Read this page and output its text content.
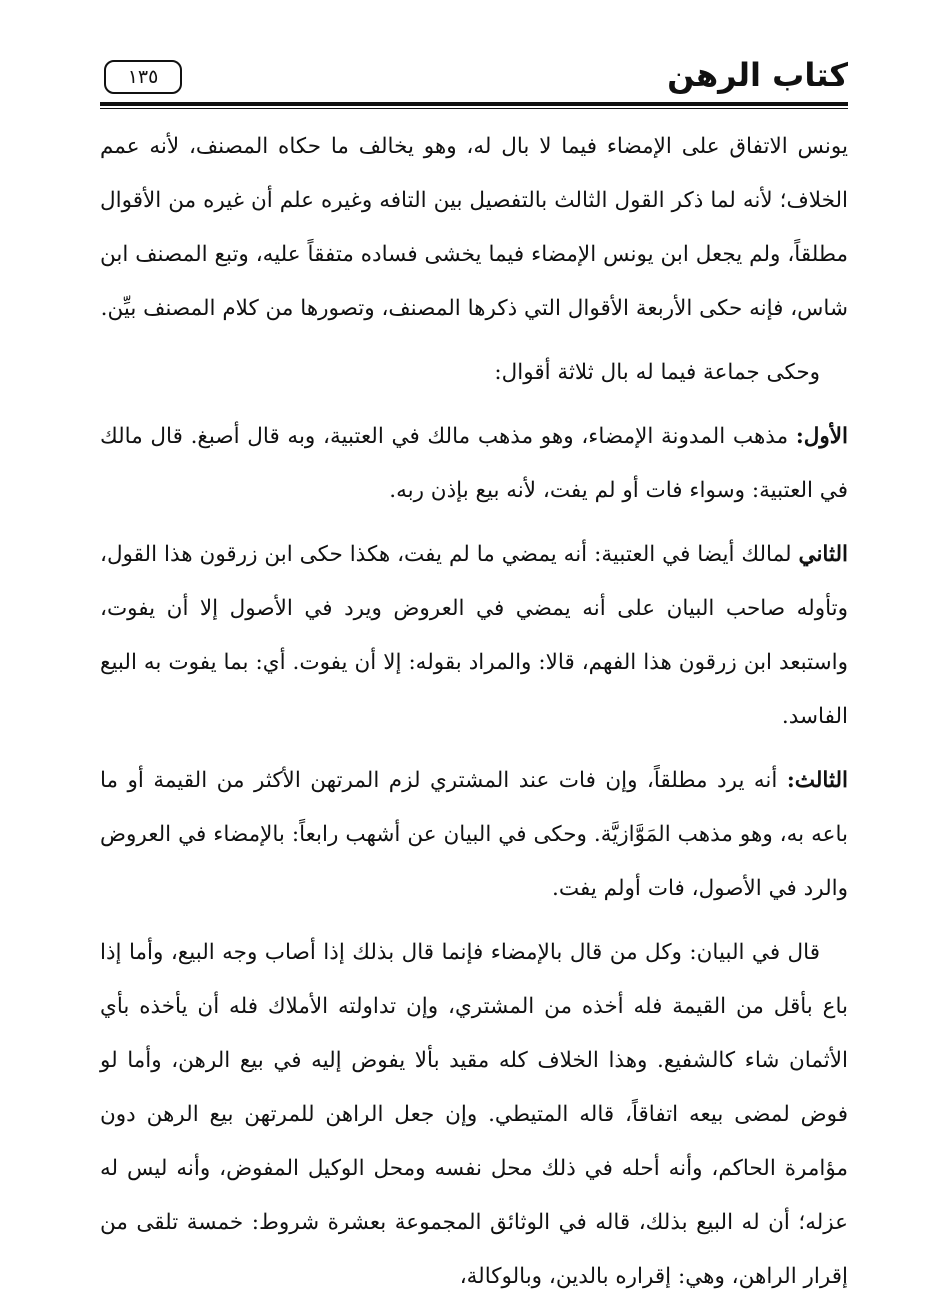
كتاب الرهن
١٣٥

يونس الاتفاق على الإمضاء فيما لا بال له، وهو يخالف ما حكاه المصنف، لأنه عمم الخلاف؛ لأنه لما ذكر القول الثالث بالتفصيل بين التافه وغيره علم أن غيره من الأقوال مطلقاً، ولم يجعل ابن يونس الإمضاء فيما يخشى فساده متفقاً عليه، وتبع المصنف ابن شاس، فإنه حكى الأربعة الأقوال التي ذكرها المصنف، وتصورها من كلام المصنف بيِّن.

وحكى جماعة فيما له بال ثلاثة أقوال:

الأول: مذهب المدونة الإمضاء، وهو مذهب مالك في العتبية، وبه قال أصبغ. قال مالك في العتبية: وسواء فات أو لم يفت، لأنه بيع بإذن ربه.

الثاني لمالك أيضا في العتبية: أنه يمضي ما لم يفت، هكذا حكى ابن زرقون هذا القول، وتأوله صاحب البيان على أنه يمضي في العروض ويرد في الأصول إلا أن يفوت، واستبعد ابن زرقون هذا الفهم، قالا: والمراد بقوله: إلا أن يفوت. أي: بما يفوت به البيع الفاسد.

الثالث: أنه يرد مطلقاً، وإن فات عند المشتري لزم المرتهن الأكثر من القيمة أو ما باعه به، وهو مذهب المَوَّازيَّة. وحكى في البيان عن أشهب رابعاً: بالإمضاء في العروض والرد في الأصول، فات أولم يفت.

قال في البيان: وكل من قال بالإمضاء فإنما قال بذلك إذا أصاب وجه البيع، وأما إذا باع بأقل من القيمة فله أخذه من المشتري، وإن تداولته الأملاك فله أن يأخذه بأي الأثمان شاء كالشفيع. وهذا الخلاف كله مقيد بألا يفوض إليه في بيع الرهن، وأما لو فوض لمضى بيعه اتفاقاً، قاله المتيطي. وإن جعل الراهن للمرتهن بيع الرهن دون مؤامرة الحاكم، وأنه أحله في ذلك محل نفسه ومحل الوكيل المفوض، وأنه ليس له عزله؛ أن له البيع بذلك، قاله في الوثائق المجموعة بعشرة شروط: خمسة تلقى من إقرار الراهن، وهي: إقراره بالدين، وبالوكالة،
